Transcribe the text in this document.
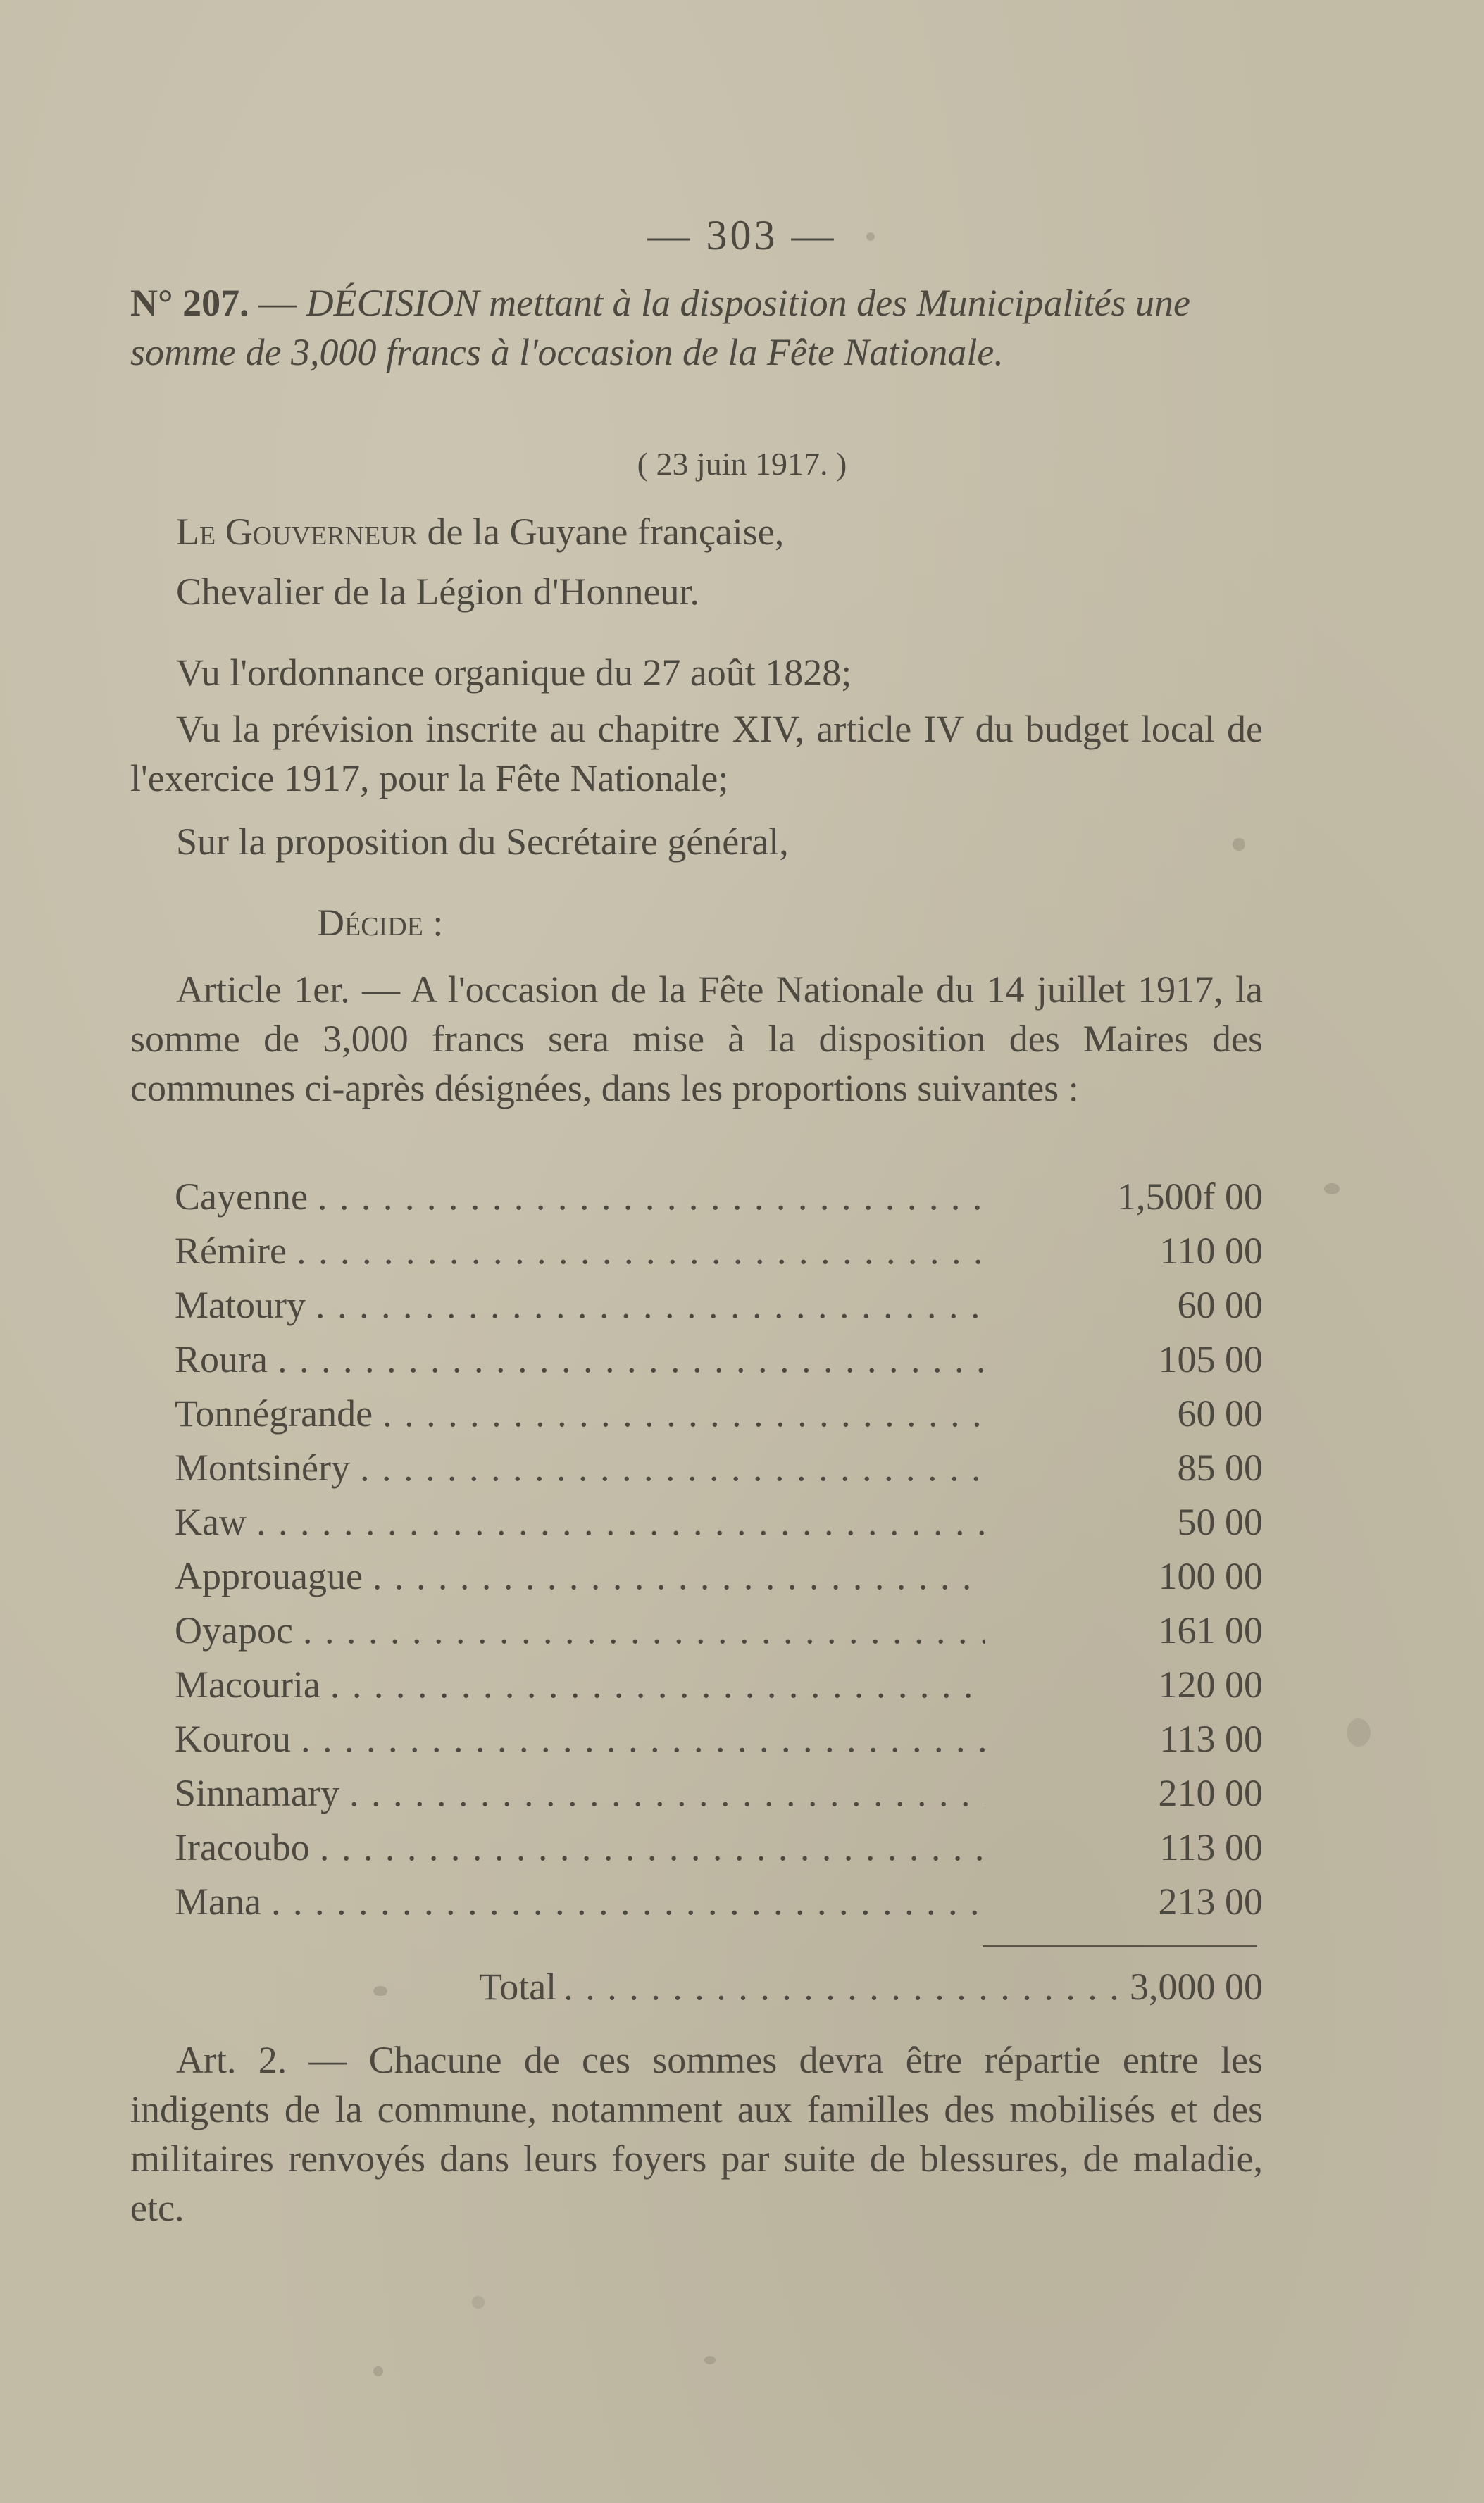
— 303 —

N° 207. — DÉCISION mettant à la disposition des Municipalités une somme de 3,000 francs à l'occasion de la Fête Nationale.

( 23 juin 1917. )

Le Gouverneur de la Guyane française,

Chevalier de la Légion d'Honneur.

Vu l'ordonnance organique du 27 août 1828;

Vu la prévision inscrite au chapitre XIV, article IV du budget local de l'exercice 1917, pour la Fête Nationale;

Sur la proposition du Secrétaire général,

Décide :

Article 1er. — A l'occasion de la Fête Nationale du 14 juillet 1917, la somme de 3,000 francs sera mise à la disposition des Maires des communes ci-après désignées, dans les proportions suivantes :

Cayenne . . .	1,500f 00
Rémire . . .	110 00
Matoury . . .	60 00
Roura . . .	105 00
Tonnégrande . . .	60 00
Montsinéry . . .	85 00
Kaw . . .	50 00
Approuague . . .	100 00
Oyapoc . . .	161 00
Macouria . . .	120 00
Kourou . . .	113 00
Sinnamary . . .	210 00
Iracoubo . . .	113 00
Mana . . .	213 00
Total . . .	3,000 00

Art. 2. — Chacune de ces sommes devra être répartie entre les indigents de la commune, notamment aux familles des mobilisés et des militaires renvoyés dans leurs foyers par suite de blessures, de maladie, etc.
